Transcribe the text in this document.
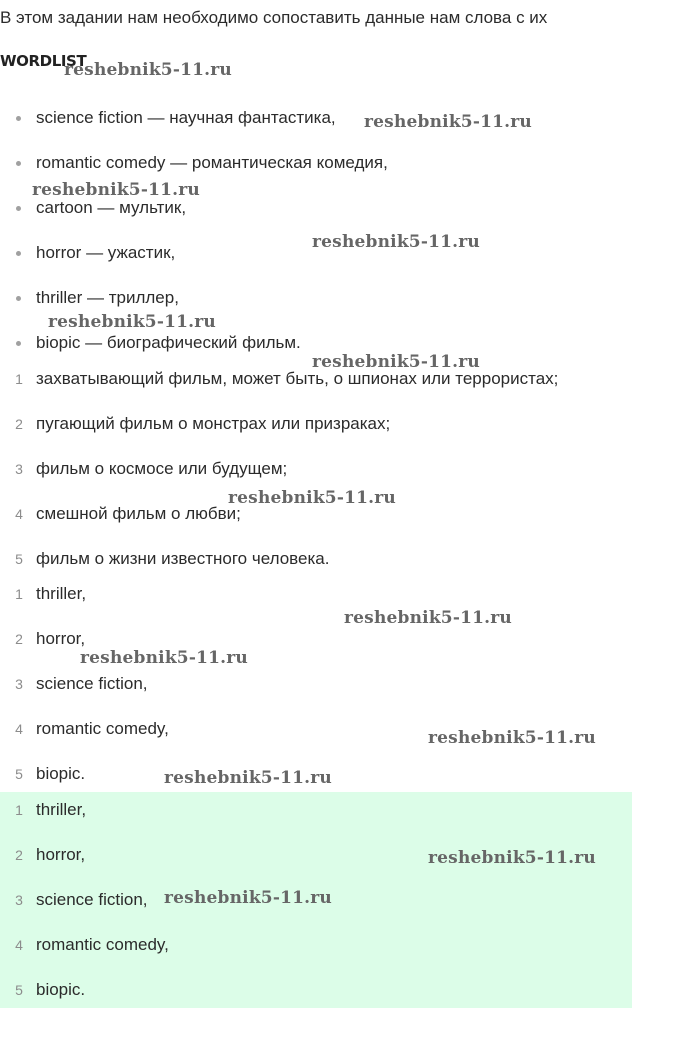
В этом задании нам необходимо сопоставить данные нам слова с их

WORDLIST
science fiction — научная фантастика,
romantic comedy — романтическая комедия,
cartoon — мультик,
horror — ужастик,
thriller — триллер,
biopic — биографический фильм.
1 захватывающий фильм, может быть, о шпионах или террористах;
2 пугающий фильм о монстрах или призраках;
3 фильм о космосе или будущем;
4 смешной фильм о любви;
5 фильм о жизни известного человека.
1 thriller,
2 horror,
3 science fiction,
4 romantic comedy,
5 biopic.
1 thriller,
2 horror,
3 science fiction,
4 romantic comedy,
5 biopic.
reshebnik5-11.ru
reshebnik5-11.ru
reshebnik5-11.ru
reshebnik5-11.ru
reshebnik5-11.ru
reshebnik5-11.ru
reshebnik5-11.ru
reshebnik5-11.ru
reshebnik5-11.ru
reshebnik5-11.ru
reshebnik5-11.ru
reshebnik5-11.ru
reshebnik5-11.ru
